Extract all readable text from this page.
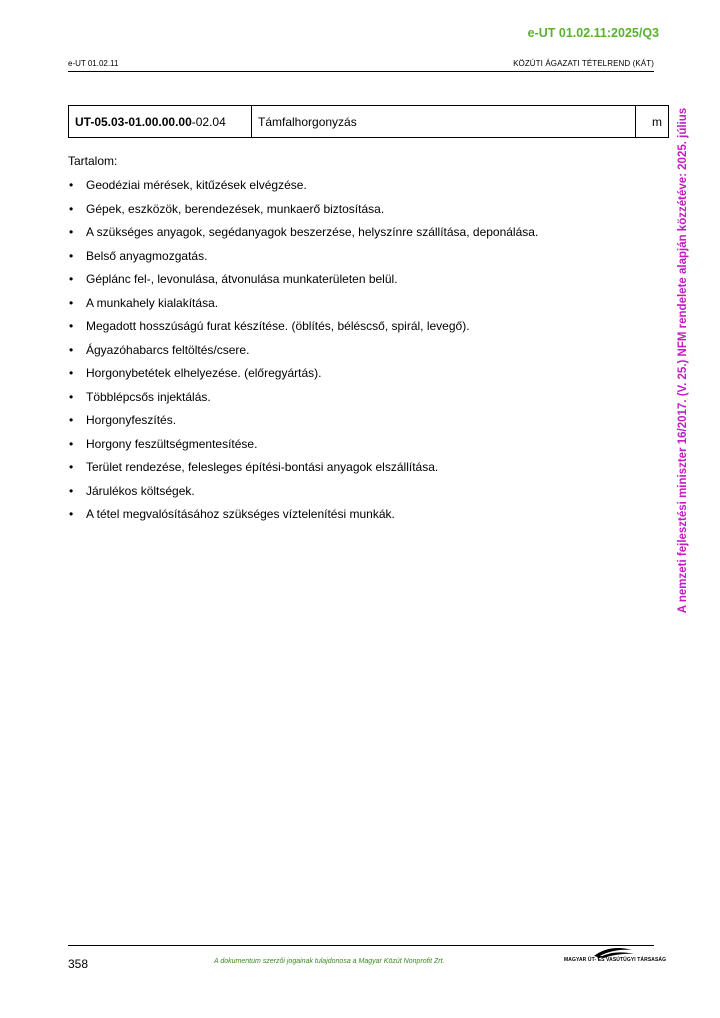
e-UT 01.02.11:2025/Q3
e-UT 01.02.11	KÖZÚTI ÁGAZATI TÉTELREND (KÁT)
UT-05.03-01.00.00.00 -02.04	Támfalhorgonyzás	m
Tartalom:
• Geodéziai mérések, kitűzések elvégzése.
• Gépek, eszközök, berendezések, munkaerő biztosítása.
• A szükséges anyagok, segédanyagok beszerzése, helyszínre szállítása, deponálása.
• Belső anyagmozgatás.
• Géplánc fel-, levonulása, átvonulása munkaterületen belül.
• A munkahely kialakítása.
• Megadott hosszúságú furat készítése. (öblítés, béléscső, spirál, levegő).
• Ágyazóhabarcs feltöltés/csere.
• Horgonybetétek elhelyezése. (előregyártás).
• Többlépcsős injektálás.
• Horgonyfeszítés.
• Horgony feszültségmentesítése.
• Terület rendezése, felesleges építési-bontási anyagok elszállítása.
• Járulékos költségek.
• A tétel megvalósításához szükséges víztelenítési munkák.	A nemzeti fejlesztési miniszter 16/2017. (V. 25.) NFM rendelete alapján közzétéve: 2025. július
358	A dokumentum szerzői jogainak tulajdonosa a Magyar Közút Nonprofit Zrt.	MAGYAR ÚT- ÉS VASÚTÜGYI TÁRSASÁG
